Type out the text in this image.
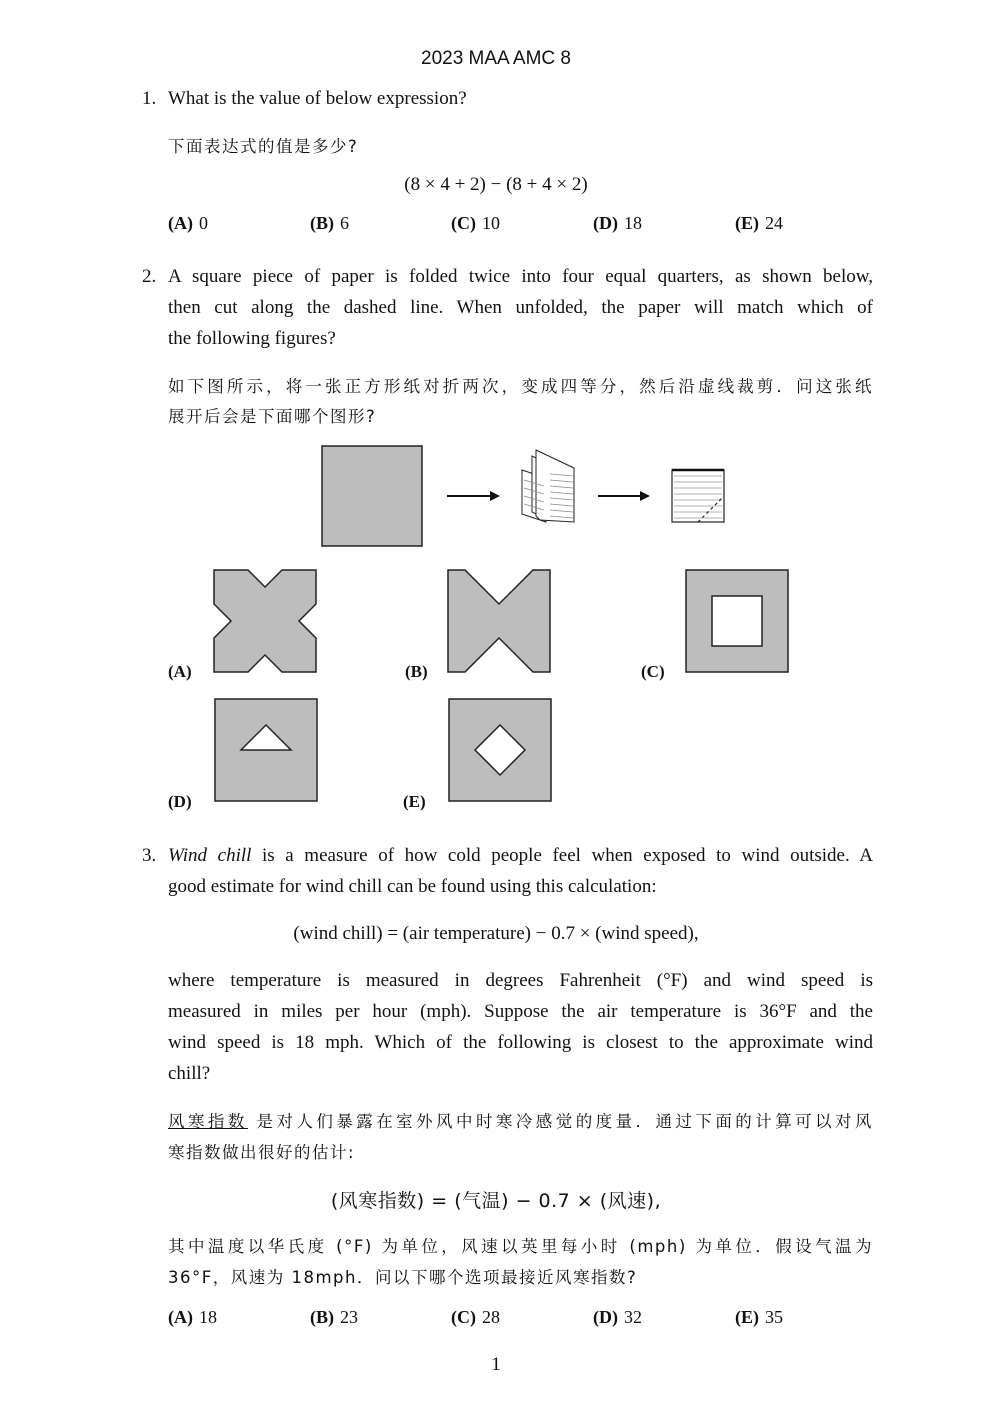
2023 MAA AMC 8
1. What is the value of below expression?
下面表达式的值是多少?
(8 × 4 + 2) − (8 + 4 × 2)
(A) 0	(B) 6	(C) 10	(D) 18	(E) 24
2. A square piece of paper is folded twice into four equal quarters, as shown below,
then cut along the dashed line. When unfolded, the paper will match which of
the following figures?
如下图所示，将一张正方形纸对折两次，变成四等分，然后沿虚线裁剪．问这张纸
展开后会是下面哪个图形?
(A)	(B)	(C)
(D)	(E)
3. Wind chill is a measure of how cold people feel when exposed to wind outside. A
good estimate for wind chill can be found using this calculation:
(wind chill) = (air temperature) − 0.7 × (wind speed),
where temperature is measured in degrees Fahrenheit (°F) and wind speed is
measured in miles per hour (mph). Suppose the air temperature is 36°F and the
wind speed is 18 mph. Which of the following is closest to the approximate wind
chill?
风寒指数 是对人们暴露在室外风中时寒冷感觉的度量．通过下面的计算可以对风
寒指数做出很好的估计:
(风寒指数) = (气温) − 0.7 × (风速),
其中温度以华氏度 (°F) 为单位，风速以英里每小时 (mph) 为单位．假设气温为
36°F，风速为 18mph．问以下哪个选项最接近风寒指数?
(A) 18	(B) 23	(C) 28	(D) 32	(E) 35
1
